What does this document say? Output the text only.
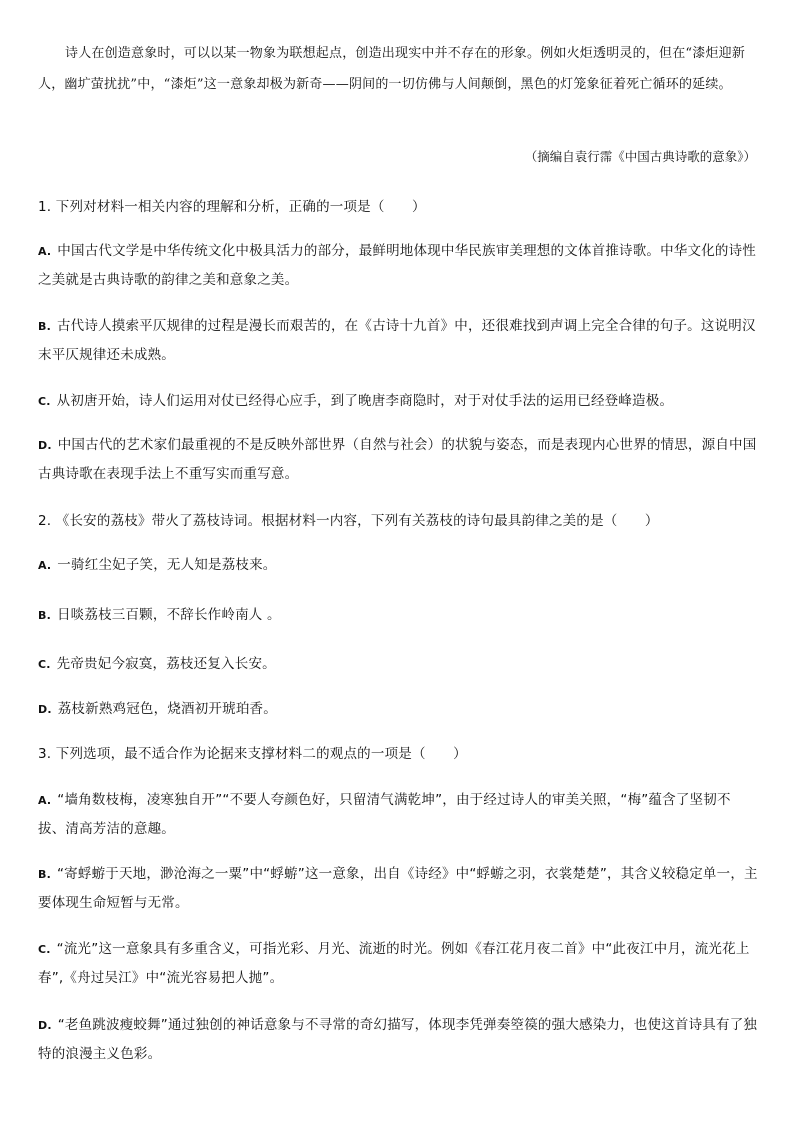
诗人在创造意象时，可以以某一物象为联想起点，创造出现实中并不存在的形象。例如火炬透明灵的，但在“漆炬迎新人，幽圹萤扰扰”中，“漆炬”这一意象却极为新奇——阴间的一切仿佛与人间颠倒，黑色的灯笼象征着死亡循环的延续。
（摘编自袁行霈《中国古典诗歌的意象》）
1. 下列对材料一相关内容的理解和分析，正确的一项是（　　）
A. 中国古代文学是中华传统文化中极具活力的部分，最鲜明地体现中华民族审美理想的文体首推诗歌。中华文化的诗性之美就是古典诗歌的韵律之美和意象之美。
B. 古代诗人摸索平仄规律的过程是漫长而艰苦的，在《古诗十九首》中，还很难找到声调上完全合律的句子。这说明汉末平仄规律还未成熟。
C. 从初唐开始，诗人们运用对仗已经得心应手，到了晚唐李商隐时，对于对仗手法的运用已经登峰造极。
D. 中国古代的艺术家们最重视的不是反映外部世界（自然与社会）的状貌与姿态，而是表现内心世界的情思，源自中国古典诗歌在表现手法上不重写实而重写意。
2. 《长安的荔枝》带火了荔枝诗词。根据材料一内容，下列有关荔枝的诗句最具韵律之美的是（　　）
A. 一骑红尘妃子笑，无人知是荔枝来。
B. 日啖荔枝三百颗，不辞长作岭南人 。
C. 先帝贵妃今寂寞，荔枝还复入长安。
D. 荔枝新熟鸡冠色，烧酒初开琥珀香。
3. 下列选项，最不适合作为论据来支撑材料二的观点的一项是（　　）
A. “墙角数枝梅，凌寒独自开”“不要人夸颜色好，只留清气满乾坤”，由于经过诗人的审美关照，“梅”蕴含了坚韧不拔、清高芳洁的意趣。
B. “寄蜉蝣于天地，渺沧海之一粟”中“蜉蝣”这一意象，出自《诗经》中“蜉蝣之羽，衣裳楚楚”，其含义较稳定单一，主要体现生命短暂与无常。
C. “流光”这一意象具有多重含义，可指光彩、月光、流逝的时光。例如《春江花月夜二首》中“此夜江中月，流光花上春”,《舟过吴江》中“流光容易把人抛”。
D. “老鱼跳波瘦蛟舞”通过独创的神话意象与不寻常的奇幻描写，体现李凭弹奏箜篌的强大感染力，也使这首诗具有了独特的浪漫主义色彩。
